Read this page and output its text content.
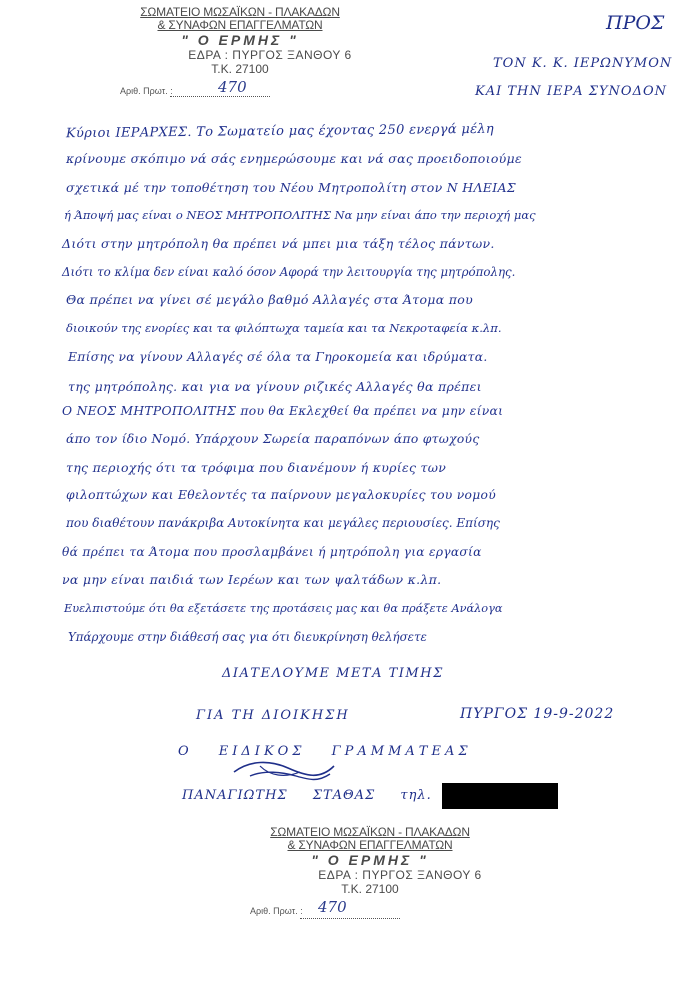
ΣΩΜΑΤΕΙΟ ΜΩΣΑΪΚΩΝ - ΠΛΑΚΑΔΩΝ
& ΣΥΝΑΦΩΝ ΕΠΑΓΓΕΛΜΑΤΩΝ
" Ο ΕΡΜΗΣ "
ΕΔΡΑ : ΠΥΡΓΟΣ ΞΑΝΘΟΥ 6
Τ.Κ. 27100
Αριθ. Πρωτ. :	470
ΠΡΟΣ
ΤΟΝ Κ. Κ. ΙΕΡΩΝΥΜΟΝ
ΚΑΙ ΤΗΝ ΙΕΡΑ ΣΥΝΟΔΟΝ
Κύριοι ΙΕΡΑΡΧΕΣ. Το Σωματείο μας έχοντας 250 ενεργά μέλη
κρίνουμε σκόπιμο νά σάς ενημερώσουμε και νά σας προειδοποιούμε
σχετικά μέ την τοποθέτηση του Νέου Μητροπολίτη στον Ν ΗΛΕΙΑΣ
ή Άποψή μας είναι ο ΝΕΟΣ ΜΗΤΡΟΠΟΛΙΤΗΣ Να μην είναι άπο την περιοχή μας
Διότι στην μητρόπολη θα πρέπει νά μπει μια τάξη τέλος πάντων.
Διότι το κλίμα δεν είναι καλό όσον Αφορά την λειτουργία της μητρόπολης.
Θα πρέπει να γίνει σέ μεγάλο βαθμό Αλλαγές στα Άτομα που
διοικούν της ενορίες και τα φιλόπτωχα ταμεία και τα Νεκροταφεία κ.λπ.
Επίσης να γίνουν Αλλαγές σέ όλα τα Γηροκομεία και ιδρύματα.
της μητρόπολης. και για να γίνουν ριζικές Αλλαγές θα πρέπει
Ο ΝΕΟΣ ΜΗΤΡΟΠΟΛΙΤΗΣ που θα Εκλεχθεί θα πρέπει να μην είναι
άπο τον ίδιο Νομό. Υπάρχουν Σωρεία παραπόνων άπο φτωχούς
της περιοχής ότι τα τρόφιμα που διανέμουν ή κυρίες των
φιλοπτώχων και Εθελοντές τα παίρνουν μεγαλοκυρίες του νομού
που διαθέτουν πανάκριβα Αυτοκίνητα και μεγάλες περιουσίες. Επίσης
θά πρέπει τα Άτομα που προσλαμβάνει ή μητρόπολη για εργασία
να μην είναι παιδιά των Ιερέων και των ψαλτάδων κ.λπ.
Ευελπιστούμε ότι θα εξετάσετε της προτάσεις μας και θα πράξετε Ανάλογα
Υπάρχουμε στην διάθεσή σας για ότι διευκρίνηση θελήσετε
ΔΙΑΤΕΛΟΥΜΕ ΜΕΤΑ ΤΙΜΗΣ
ΓΙΑ ΤΗ ΔΙΟΙΚΗΣΗ	ΠΥΡΓΟΣ 19-9-2022
Ο ΕΙΔΙΚΟΣ ΓΡΑΜΜΑΤΕΑΣ
ΠΑΝΑΓΙΩΤΗΣ ΣΤΑΘΑΣ τηλ.
ΣΩΜΑΤΕΙΟ ΜΩΣΑΪΚΩΝ - ΠΛΑΚΑΔΩΝ
& ΣΥΝΑΦΩΝ ΕΠΑΓΓΕΛΜΑΤΩΝ
" Ο ΕΡΜΗΣ "
ΕΔΡΑ : ΠΥΡΓΟΣ ΞΑΝΘΟΥ 6
Τ.Κ. 27100
Αριθ. Πρωτ. : 470
